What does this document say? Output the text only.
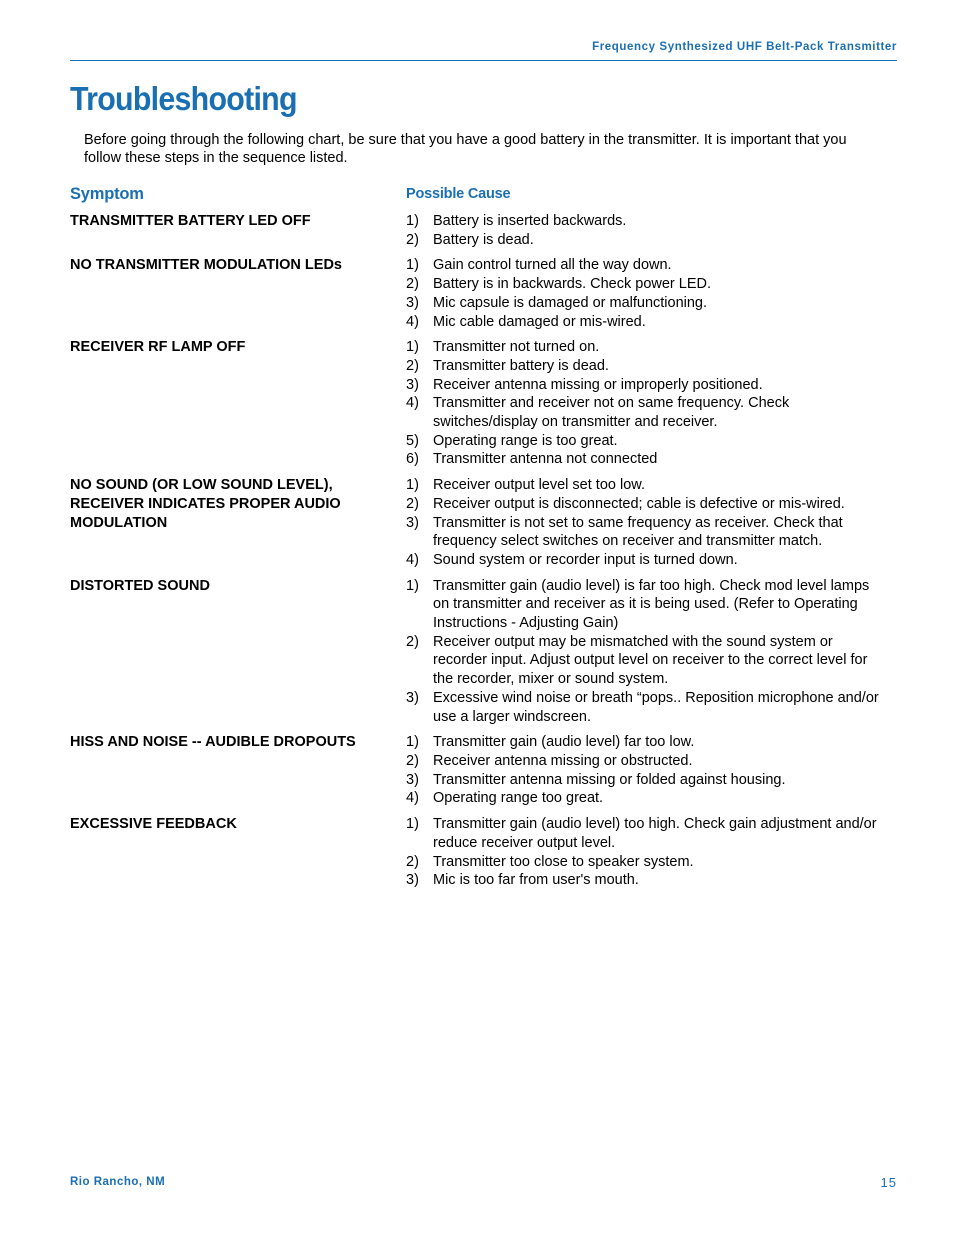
Frequency Synthesized UHF Belt-Pack Transmitter
Troubleshooting

Before going through the following chart, be sure that you have a good battery in the transmitter. It is important that you follow these steps in the sequence listed.

Symptom	Possible Cause
TRANSMITTER BATTERY LED OFF	1) Battery is inserted backwards.
2) Battery is dead.
NO TRANSMITTER MODULATION LEDs	1) Gain control turned all the way down.
2) Battery is in backwards. Check power LED.
3) Mic capsule is damaged or malfunctioning.
4) Mic cable damaged or mis-wired.
RECEIVER RF LAMP OFF	1) Transmitter not turned on.
2) Transmitter battery is dead.
3) Receiver antenna missing or improperly positioned.
4) Transmitter and receiver not on same frequency. Check switches/display on transmitter and receiver.
5) Operating range is too great.
6) Transmitter antenna not connected
NO SOUND (OR LOW SOUND LEVEL), RECEIVER INDICATES PROPER AUDIO MODULATION
1) Receiver output level set too low.
2) Receiver output is disconnected; cable is defective or mis-wired.
3) Transmitter is not set to same frequency as receiver. Check that frequency select switches on receiver and transmitter match.
4) Sound system or recorder input is turned down.
DISTORTED SOUND	1) Transmitter gain (audio level) is far too high. Check mod level lamps on transmitter and receiver as it is being used. (Refer to Operating Instructions - Adjusting Gain)
2) Receiver output may be mismatched with the sound system or recorder input. Adjust output level on receiver to the correct level for the recorder, mixer or sound system.
3) Excessive wind noise or breath “pops.. Reposition microphone and/or use a larger windscreen.
HISS AND NOISE -- AUDIBLE DROPOUTS	1) Transmitter gain (audio level) far too low.
2) Receiver antenna missing or obstructed.
3) Transmitter antenna missing or folded against housing.
4) Operating range too great.
EXCESSIVE FEEDBACK	1) Transmitter gain (audio level) too high. Check gain adjustment and/or reduce receiver output level.
2) Transmitter too close to speaker system.
3) Mic is too far from user's mouth.
Rio Rancho, NM	15
